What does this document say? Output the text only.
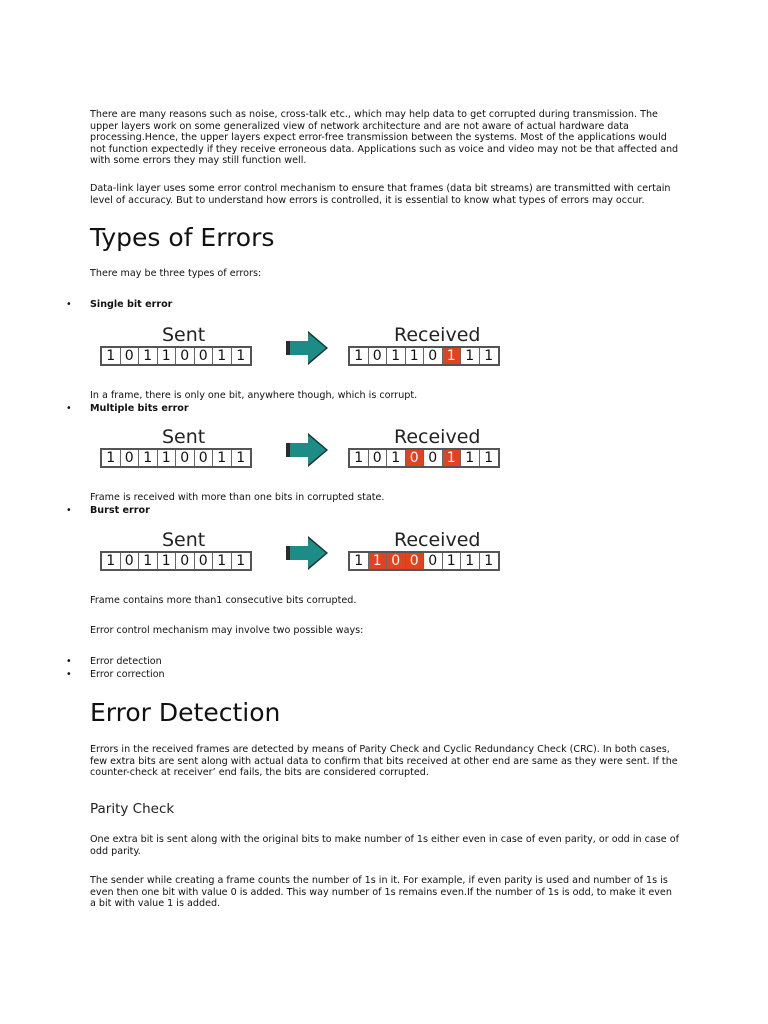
There are many reasons such as noise, cross-talk etc., which may help data to get corrupted during transmission. The upper layers work on some generalized view of network architecture and are not aware of actual hardware data processing.Hence, the upper layers expect error-free transmission between the systems. Most of the applications would not function expectedly if they receive erroneous data. Applications such as voice and video may not be that affected and with some errors they may still function well.

Data-link layer uses some error control mechanism to ensure that frames (data bit streams) are transmitted with certain level of accuracy. But to understand how errors is controlled, it is essential to know what types of errors may occur.

Types of Errors

There may be three types of errors:

• Single bit error
Sent
1 0 1 1 0 0 1 1
Received
1 0 1 1 0 1 1 1

In a frame, there is only one bit, anywhere though, which is corrupt.

• Multiple bits error
Sent
1 0 1 1 0 0 1 1
Received
1 0 1 0 0 1 1 1

Frame is received with more than one bits in corrupted state.

• Burst error
Sent
1 0 1 1 0 0 1 1
Received
1 1 0 0 0 1 1 1

Frame contains more than1 consecutive bits corrupted.

Error control mechanism may involve two possible ways:

• Error detection
• Error correction
Error Detection

Errors in the received frames are detected by means of Parity Check and Cyclic Redundancy Check (CRC). In both cases, few extra bits are sent along with actual data to confirm that bits received at other end are same as they were sent. If the counter-check at receiver’ end fails, the bits are considered corrupted.

Parity Check

One extra bit is sent along with the original bits to make number of 1s either even in case of even parity, or odd in case of odd parity.

The sender while creating a frame counts the number of 1s in it. For example, if even parity is used and number of 1s is even then one bit with value 0 is added. This way number of 1s remains even.If the number of 1s is odd, to make it even a bit with value 1 is added.
